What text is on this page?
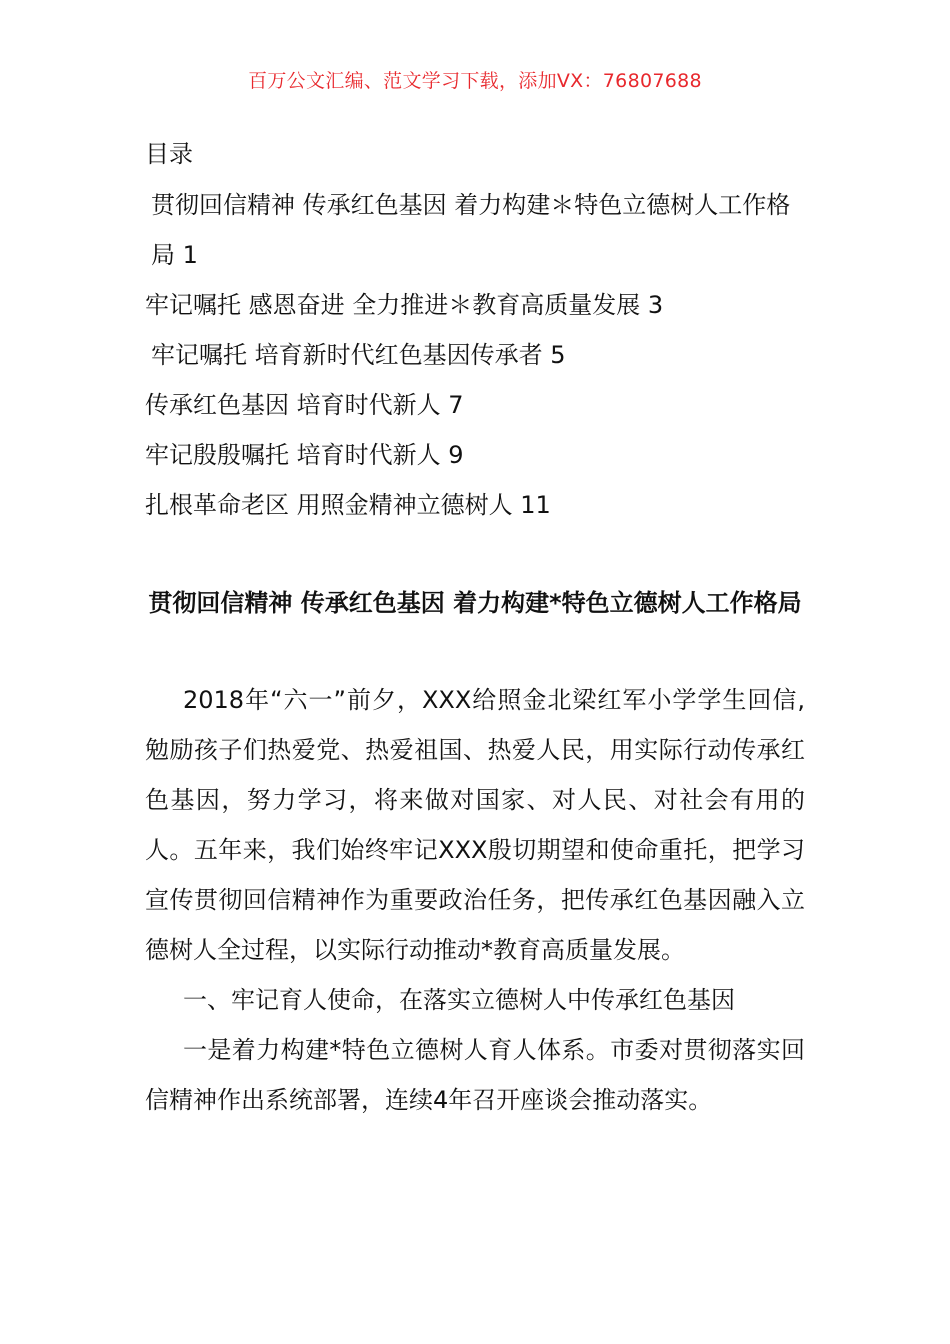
百万公文汇编、范文学习下载，添加VX：76807688
目录
贯彻回信精神 传承红色基因 着力构建＊特色立德树人工作格局 1
牢记嘱托 感恩奋进 全力推进＊教育高质量发展 3
牢记嘱托 培育新时代红色基因传承者 5
传承红色基因 培育时代新人 7
牢记殷殷嘱托 培育时代新人 9
扎根革命老区 用照金精神立德树人 11
贯彻回信精神 传承红色基因 着力构建*特色立德树人工作格局

2018年“六一”前夕，XXX给照金北梁红军小学学生回信,勉励孩子们热爱党、热爱祖国、热爱人民，用实际行动传承红色基因，努力学习，将来做对国家、对人民、对社会有用的人。五年来，我们始终牢记XXX殷切期望和使命重托，把学习宣传贯彻回信精神作为重要政治任务，把传承红色基因融入立德树人全过程，以实际行动推动*教育高质量发展。

一、牢记育人使命，在落实立德树人中传承红色基因

一是着力构建*特色立德树人育人体系。市委对贯彻落实回信精神作出系统部署，连续4年召开座谈会推动落实。
